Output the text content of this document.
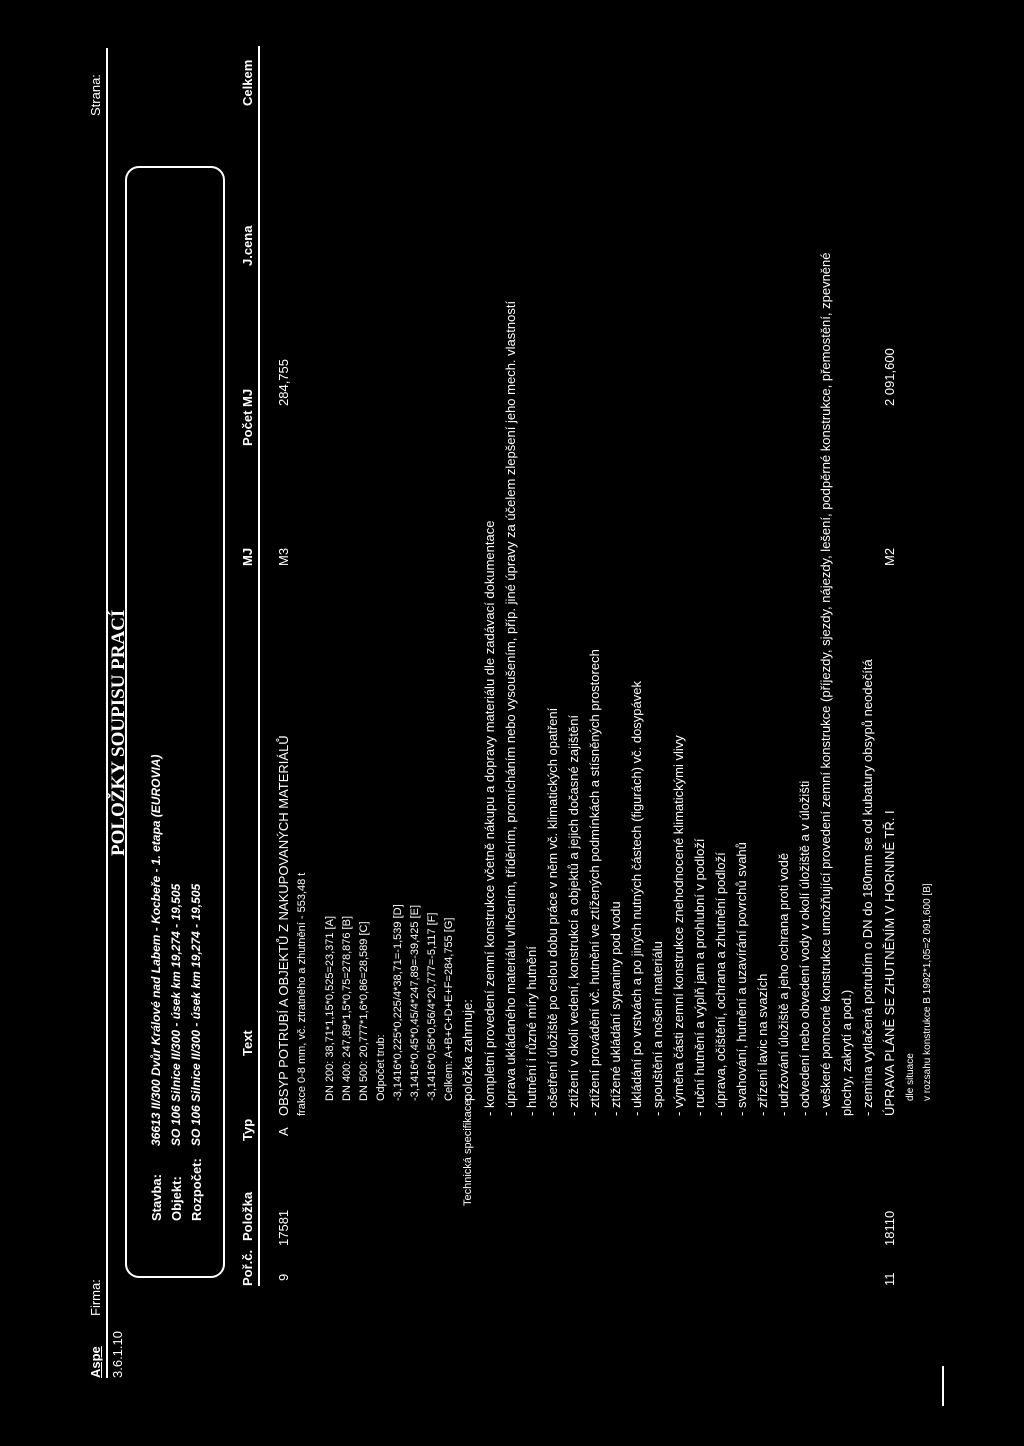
Aspe
Firma:
Strana:
3.6.1.10
POLOŽKY SOUPISU PRACÍ
Stavba:
36613 II/300 Dvůr Králové nad Labem - Kocbeře - 1. etapa (EUROVIA)
Objekt:
SO 106 Silnice II/300 - úsek km 19,274 - 19,505
Rozpočet:
SO 106 Silnice II/300 - úsek km 19,274 - 19,505
Poř.č.
Položka
Typ
Text
MJ
Počet MJ
J.cena
Celkem
9
17581
A
OBSYP POTRUBÍ A OBJEKTŮ Z NAKUPOVANÝCH MATERIÁLŮ
M3
284,755
frakce 0-8 mm, vč. ztratného a zhutnění - 553,48 t DN 200: 38,71*1,15*0,525=23,371 [A] DN 400: 247,89*1,5*0,75=278,876 [B] DN 500: 20,777*1,6*0,86=28,589 [C] Odpočet trub: -3,1416*0,225*0,225/4*38,71=-1,539 [D] -3,1416*0,45*0,45/4*247,89=-39,425 [E] -3,1416*0,56*0,56/4*20,777=-5,117 [F] Celkem: A+B+C+D+E+F=284,755 [G]
Technická specifikace:
položka zahrnuje: - kompletní provedení zemní konstrukce včetně nákupu a dopravy materiálu dle zadávací dokumentace - úprava ukládaného materiálu vlhčením, tříděním, promícháním nebo vysoušením, příp. jiné úpravy za účelem zlepšení jeho mech. vlastností - hutnění i různé míry hutnění - ošetření úložiště po celou dobu práce v něm vč. klimatických opatření - ztížení v okolí vedení, konstrukcí a objektů a jejich dočasné zajištění - ztížení provádění vč. hutnění ve ztížených podmínkách a stísněných prostorech - ztížené ukládání sypaniny pod vodu - ukládání po vrstvách a po jiných nutných částech (figurách) vč. dosypávek - spouštění a nošení materiálu - výměna části zemní konstrukce znehodnocené klimatickými vlivy - ruční hutnění a výplň jam a prohlubní v podloží - úprava, očištění, ochrana a zhutnění podloží - svahování, hutnění a uzavírání povrchů svahů - zřízení lavic na svazích - udržování úložiště a jeho ochrana proti vodě - odvedení nebo obvedení vody v okolí úložiště a v úložišti - veškeré pomocné konstrukce umožňující provedení zemní konstrukce (příjezdy, sjezdy, nájezdy, lešení, podpěrné konstrukce, přemostění, zpevněné plochy, zakrytí a pod.) - zemina vytlačená potrubím o DN do 180mm se od kubatury obsypů neodečítá
11
18110
ÚPRAVA PLÁNĚ SE ZHUTNĚNÍM V HORNINĚ TŘ. I
M2
2 091,600
dle situace v rozsahu konstrukce B 1992*1,05=2 091,600 [B]
